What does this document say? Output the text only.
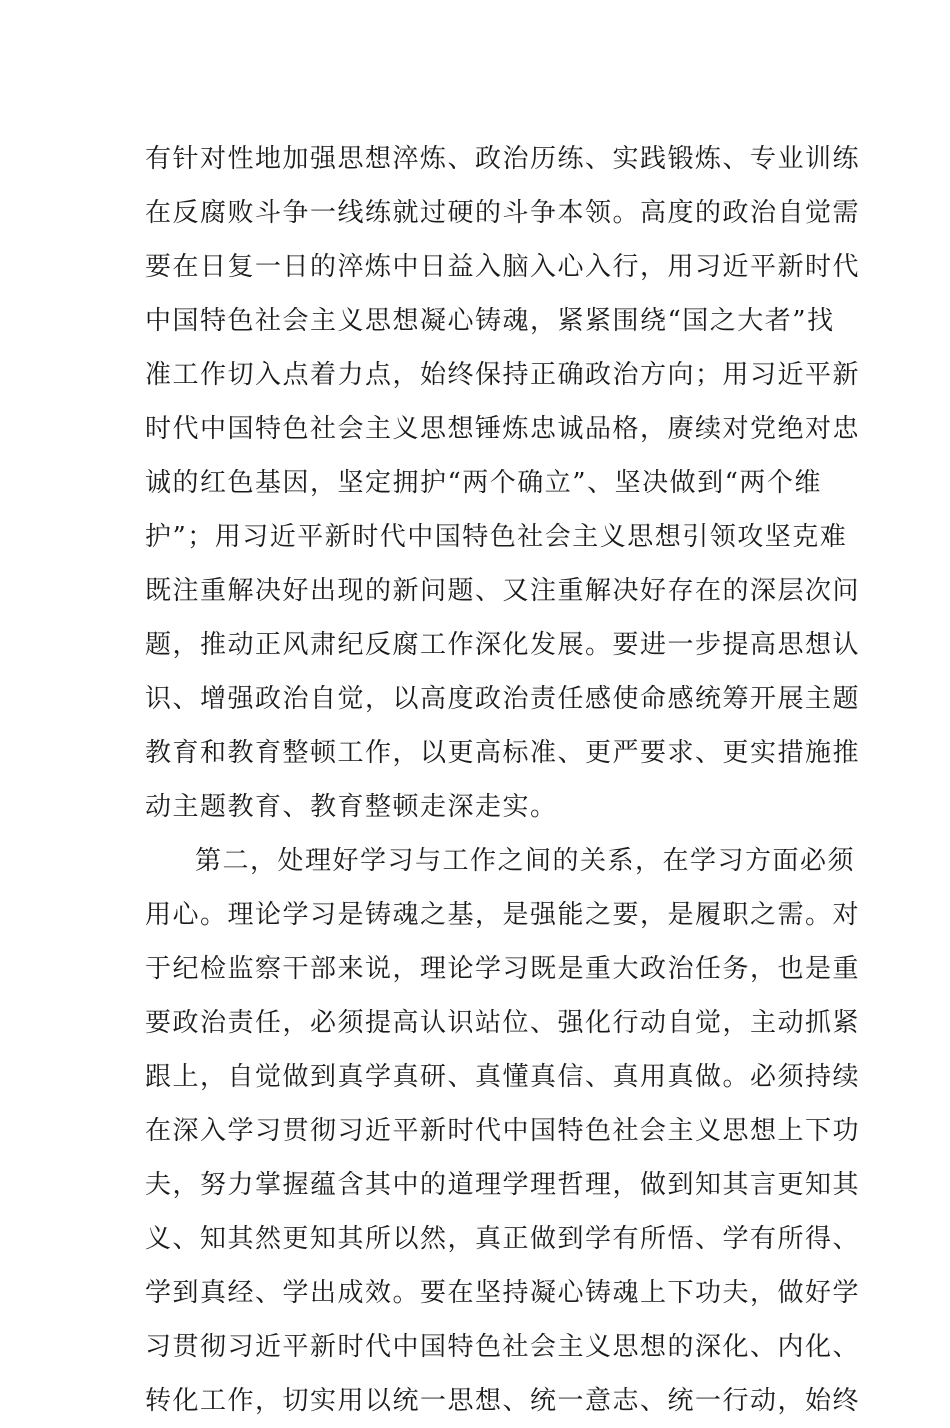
有针对性地加强思想淬炼、政治历练、实践锻炼、专业训练
在反腐败斗争一线练就过硬的斗争本领。高度的政治自觉需
要在日复一日的淬炼中日益入脑入心入行，用习近平新时代
中国特色社会主义思想凝心铸魂，紧紧围绕“国之大者”找
准工作切入点着力点，始终保持正确政治方向；用习近平新
时代中国特色社会主义思想锤炼忠诚品格，赓续对党绝对忠
诚的红色基因，坚定拥护“两个确立”、坚决做到“两个维
护”；用习近平新时代中国特色社会主义思想引领攻坚克难
既注重解决好出现的新问题、又注重解决好存在的深层次问
题，推动正风肃纪反腐工作深化发展。要进一步提高思想认
识、增强政治自觉，以高度政治责任感使命感统筹开展主题
教育和教育整顿工作，以更高标准、更严要求、更实措施推
动主题教育、教育整顿走深走实。
第二，处理好学习与工作之间的关系，在学习方面必须
用心。理论学习是铸魂之基，是强能之要，是履职之需。对
于纪检监察干部来说，理论学习既是重大政治任务，也是重
要政治责任，必须提高认识站位、强化行动自觉，主动抓紧
跟上，自觉做到真学真研、真懂真信、真用真做。必须持续
在深入学习贯彻习近平新时代中国特色社会主义思想上下功
夫，努力掌握蕴含其中的道理学理哲理，做到知其言更知其
义、知其然更知其所以然，真正做到学有所悟、学有所得、
学到真经、学出成效。要在坚持凝心铸魂上下功夫，做好学
习贯彻习近平新时代中国特色社会主义思想的深化、内化、
转化工作，切实用以统一思想、统一意志、统一行动，始终
